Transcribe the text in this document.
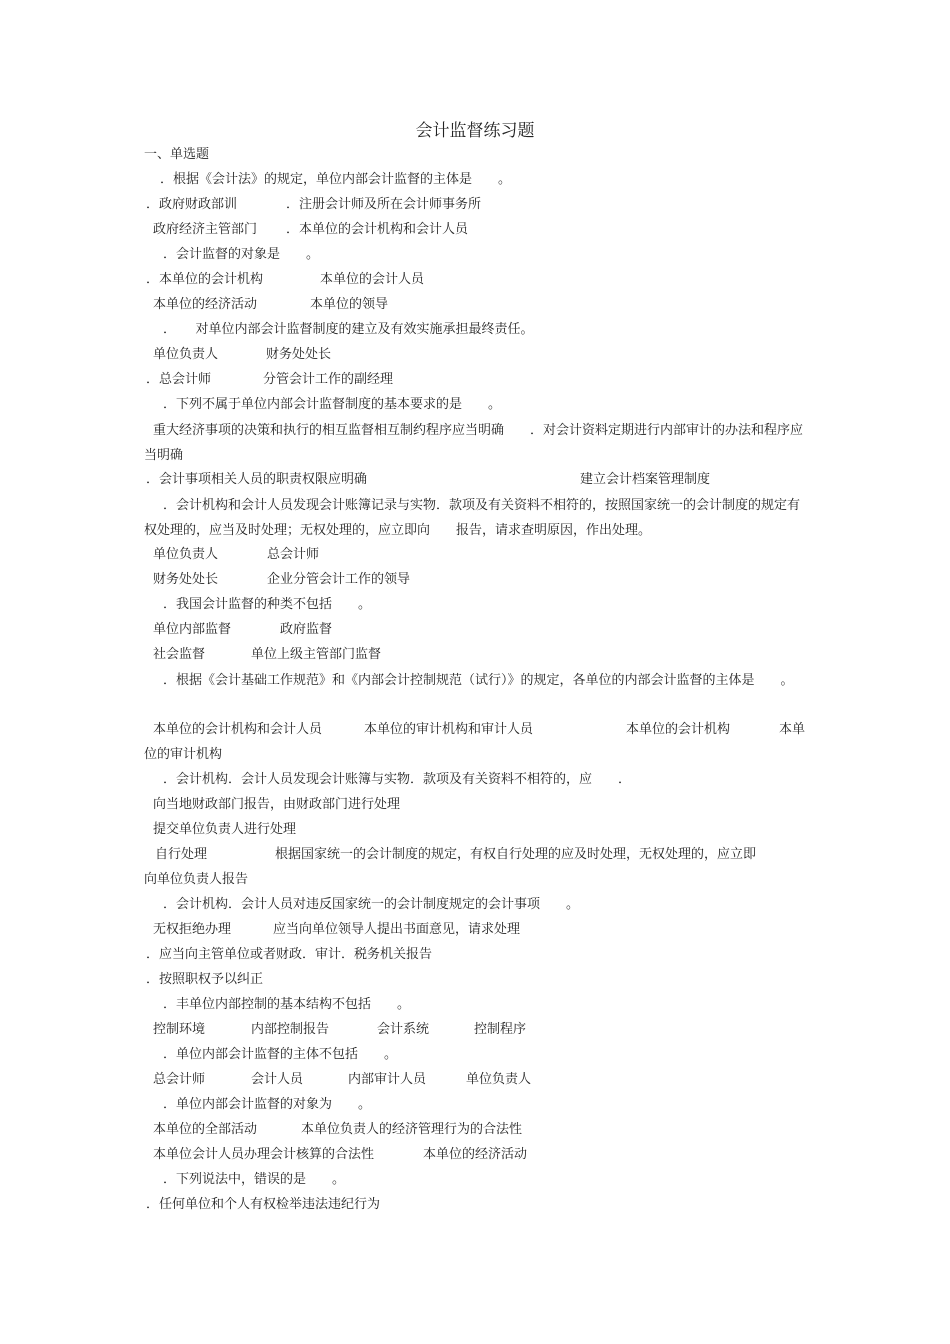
会计监督练习题
一、单选题
．根据《会计法》的规定，单位内部会计监督的主体是　　。
．政府财政部训	．注册会计师及所在会计师事务所
政府经济主管部门 ．本单位的会计机构和会计人员
．会计监督的对象是　　。
．本单位的会计机构	本单位的会计人员
本单位的经济活动	本单位的领导
．　　对单位内部会计监督制度的建立及有效实施承担最终责任。
单位负责人	财务处处长
．总会计师	分管会计工作的副经理
．下列不属于单位内部会计监督制度的基本要求的是　　。
重大经济事项的决策和执行的相互监督相互制约程序应当明确　　．对会计资料定期进行内部审计的办法和程序应当明确
．会计事项相关人员的职责权限应明确	建立会计档案管理制度
．会计机构和会计人员发现会计账簿记录与实物．款项及有关资料不相符的，按照国家统一的会计制度的规定有权处理的，应当及时处理；无权处理的，应立即向　　报告，请求查明原因，作出处理。
单位负责人	总会计师
财务处处长	企业分管会计工作的领导
．我国会计监督的种类不包括　　。
单位内部监督	政府监督
社会监督	单位上级主管部门监督
．根据《会计基础工作规范》和《内部会计控制规范（试行）》的规定，各单位的内部会计监督的主体是　　。
本单位的会计机构和会计人员	本单位的审计机构和审计人员	本单位的会计机构	本单
位的审计机构
．会计机构．会计人员发现会计账簿与实物．款项及有关资料不相符的，应　　．
向当地财政部门报告，由财政部门进行处理
提交单位负责人进行处理
自行处理	根据国家统一的会计制度的规定，有权自行处理的应及时处理，无权处理的，应立即
向单位负责人报告
．会计机构．会计人员对违反国家统一的会计制度规定的会计事项　　。
无权拒绝办理	应当向单位领导人提出书面意见，请求处理
．应当向主管单位或者财政．审计．税务机关报告
．按照职权予以纠正
．丰单位内部控制的基本结构不包括　　。
控制环境	内部控制报告	会计系统	控制程序
．单位内部会计监督的主体不包括　　。
总会计师	会计人员	内部审计人员	单位负责人
．单位内部会计监督的对象为　　。
本单位的全部活动	本单位负责人的经济管理行为的合法性
本单位会计人员办理会计核算的合法性	本单位的经济活动
．下列说法中，错误的是　　。
．任何单位和个人有权检举违法违纪行为
